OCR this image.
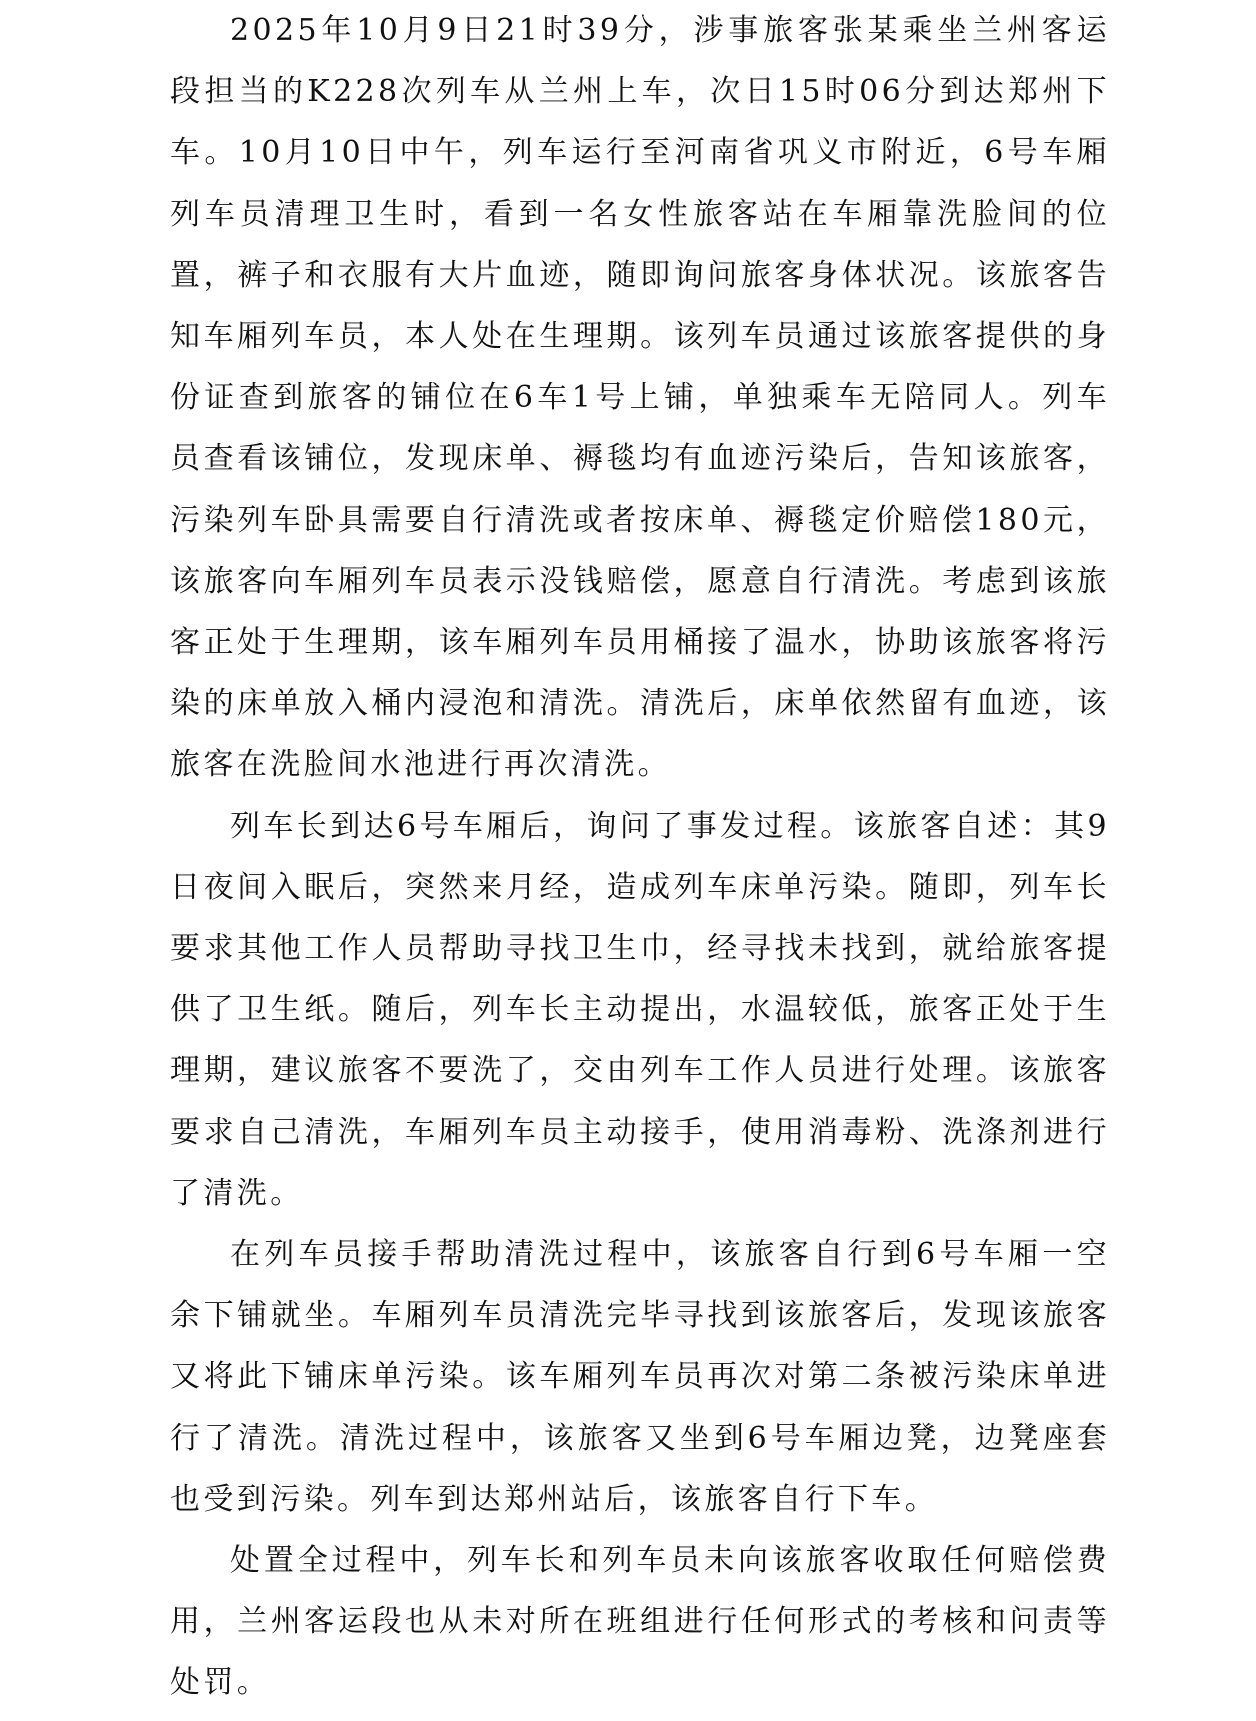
2025年10月9日21时39分，涉事旅客张某乘坐兰州客运段担当的K228次列车从兰州上车，次日15时06分到达郑州下车。10月10日中午，列车运行至河南省巩义市附近，6号车厢列车员清理卫生时，看到一名女性旅客站在车厢靠洗脸间的位置，裤子和衣服有大片血迹，随即询问旅客身体状况。该旅客告知车厢列车员，本人处在生理期。该列车员通过该旅客提供的身份证查到旅客的铺位在6车1号上铺，单独乘车无陪同人。列车员查看该铺位，发现床单、褥毯均有血迹污染后，告知该旅客，污染列车卧具需要自行清洗或者按床单、褥毯定价赔偿180元，该旅客向车厢列车员表示没钱赔偿，愿意自行清洗。考虑到该旅客正处于生理期，该车厢列车员用桶接了温水，协助该旅客将污染的床单放入桶内浸泡和清洗。清洗后，床单依然留有血迹，该旅客在洗脸间水池进行再次清洗。

列车长到达6号车厢后，询问了事发过程。该旅客自述：其9日夜间入眠后，突然来月经，造成列车床单污染。随即，列车长要求其他工作人员帮助寻找卫生巾，经寻找未找到，就给旅客提供了卫生纸。随后，列车长主动提出，水温较低，旅客正处于生理期，建议旅客不要洗了，交由列车工作人员进行处理。该旅客要求自己清洗，车厢列车员主动接手，使用消毒粉、洗涤剂进行了清洗。

在列车员接手帮助清洗过程中，该旅客自行到6号车厢一空余下铺就坐。车厢列车员清洗完毕寻找到该旅客后，发现该旅客又将此下铺床单污染。该车厢列车员再次对第二条被污染床单进行了清洗。清洗过程中，该旅客又坐到6号车厢边凳，边凳座套也受到污染。列车到达郑州站后，该旅客自行下车。

处置全过程中，列车长和列车员未向该旅客收取任何赔偿费用，兰州客运段也从未对所在班组进行任何形式的考核和问责等处罚。
